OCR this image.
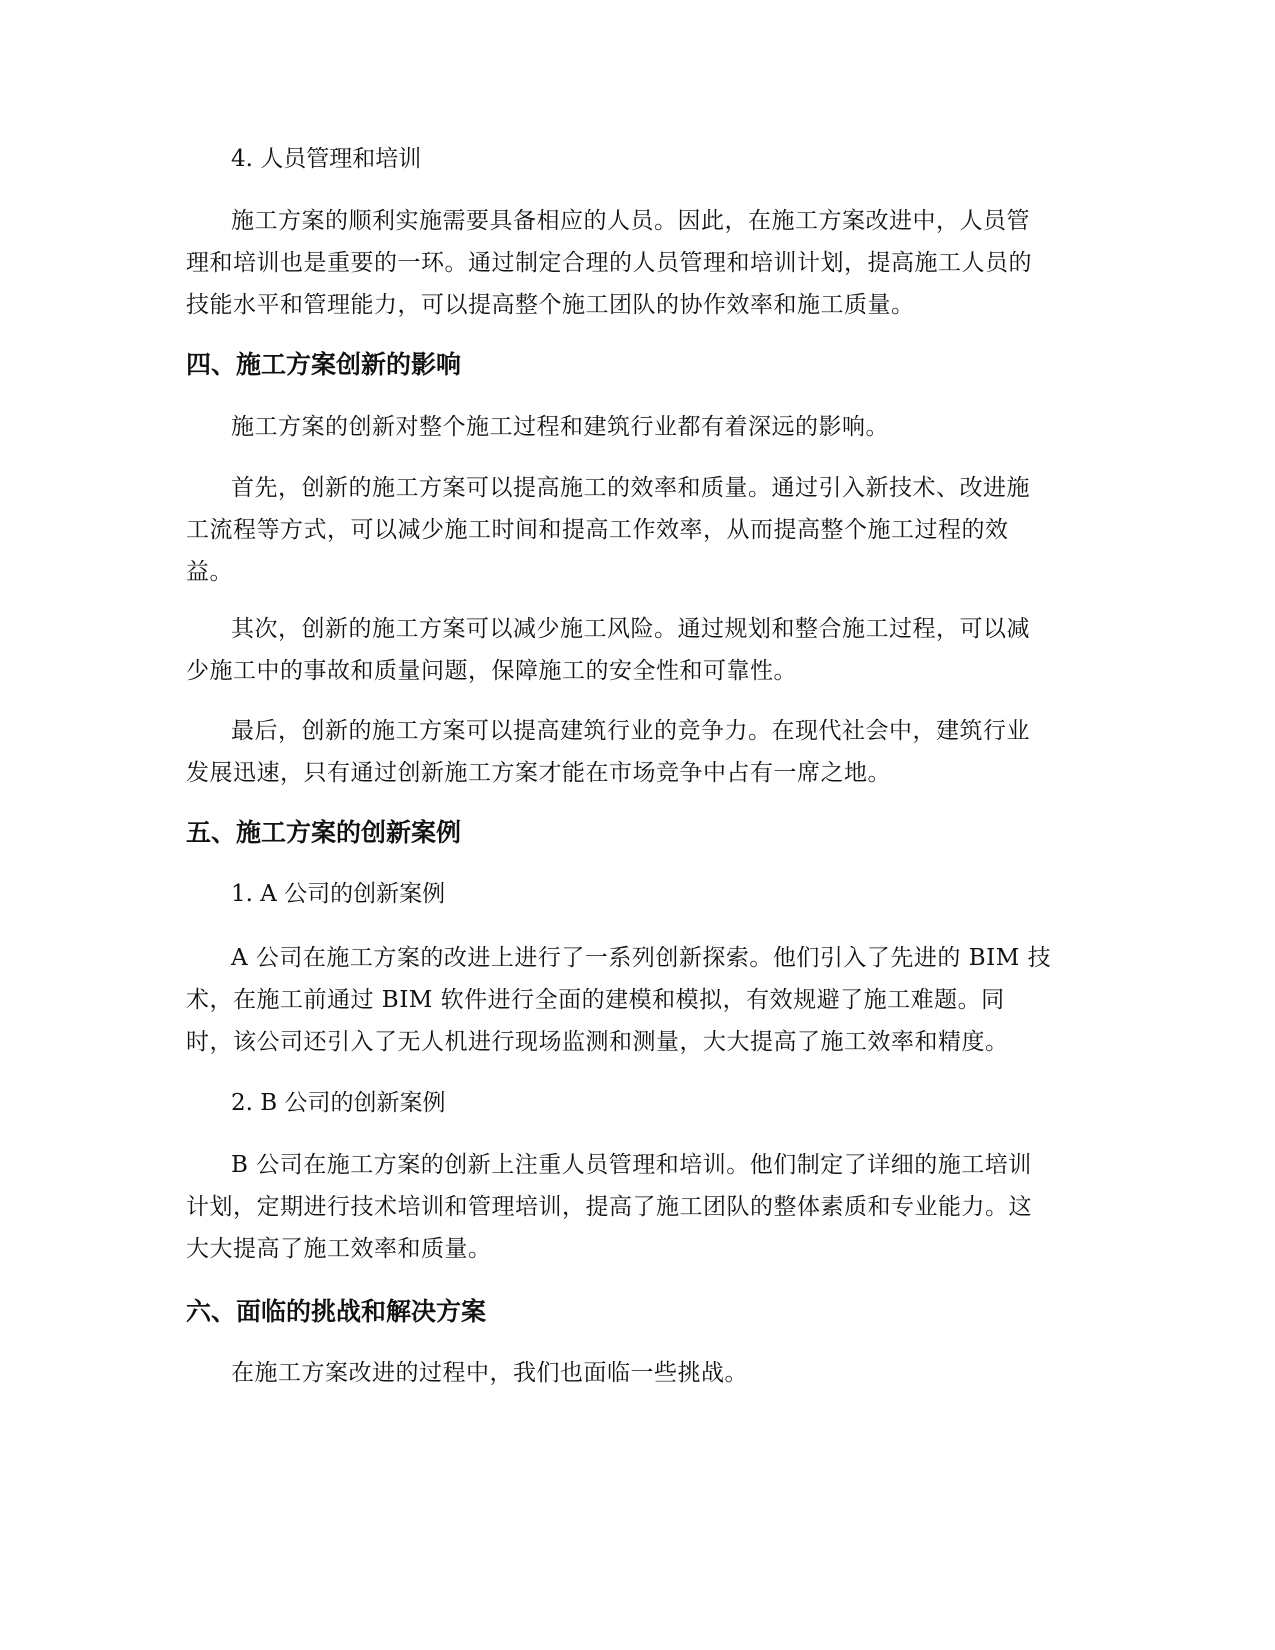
4. 人员管理和培训
施工方案的顺利实施需要具备相应的人员。因此，在施工方案改进中，人员管
理和培训也是重要的一环。通过制定合理的人员管理和培训计划，提高施工人员的
技能水平和管理能力，可以提高整个施工团队的协作效率和施工质量。
四、施工方案创新的影响
施工方案的创新对整个施工过程和建筑行业都有着深远的影响。
首先，创新的施工方案可以提高施工的效率和质量。通过引入新技术、改进施
工流程等方式，可以减少施工时间和提高工作效率，从而提高整个施工过程的效
益。
其次，创新的施工方案可以减少施工风险。通过规划和整合施工过程，可以减
少施工中的事故和质量问题，保障施工的安全性和可靠性。
最后，创新的施工方案可以提高建筑行业的竞争力。在现代社会中，建筑行业
发展迅速，只有通过创新施工方案才能在市场竞争中占有一席之地。
五、施工方案的创新案例
1. A 公司的创新案例
A 公司在施工方案的改进上进行了一系列创新探索。他们引入了先进的 BIM 技
术，在施工前通过 BIM 软件进行全面的建模和模拟，有效规避了施工难题。同
时，该公司还引入了无人机进行现场监测和测量，大大提高了施工效率和精度。
2. B 公司的创新案例
B 公司在施工方案的创新上注重人员管理和培训。他们制定了详细的施工培训
计划，定期进行技术培训和管理培训，提高了施工团队的整体素质和专业能力。这
大大提高了施工效率和质量。
六、面临的挑战和解决方案
在施工方案改进的过程中，我们也面临一些挑战。
